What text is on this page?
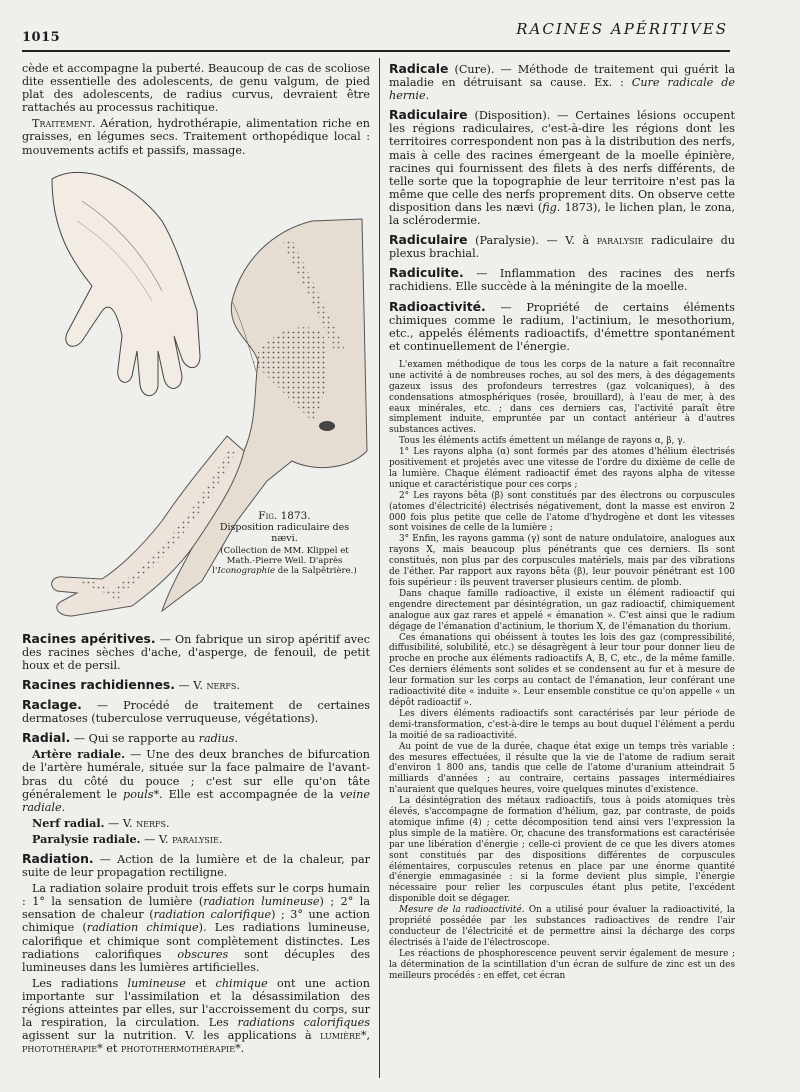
1015	RACINES APÉRITIVES

cède et accompagne la puberté. Beaucoup de cas de scoliose dite essentielle des adolescents, de genu valgum, de pied plat des adolescents, de radius curvus, devraient être rattachés au processus rachitique.

Traitement. Aération, hydrothérapie, alimentation riche en graisses, en légumes secs. Traitement orthopédique local : mouvements actifs et passifs, massage.

Fig. 1873.
Disposition radiculaire des nævi.
(Collection de MM. Klippel et Math.-Pierre Weil. D'après l'Iconographie de la Salpêtrière.)

Racines apéritives. — On fabrique un sirop apéritif avec des racines sèches d'ache, d'asperge, de fenouil, de petit houx et de persil.

Racines rachidiennes. — V. nerfs.

Raclage. — Procédé de traitement de certaines dermatoses (tuberculose verruqueuse, végétations).

Radial. — Qui se rapporte au radius.

Artère radiale. — Une des deux branches de bifurcation de l'artère humérale, située sur la face palmaire de l'avant-bras du côté du pouce ; c'est sur elle qu'on tâte généralement le pouls*. Elle est accompagnée de la veine radiale.

Nerf radial. — V. nerfs.

Paralysie radiale. — V. paralysie.

Radiation. — Action de la lumière et de la chaleur, par suite de leur propagation rectiligne.

La radiation solaire produit trois effets sur le corps humain : 1° la sensation de lumière (radiation lumineuse) ; 2° la sensation de chaleur (radiation calorifique) ; 3° une action chimique (radiation chimique). Les radiations lumineuse, calorifique et chimique sont complètement distinctes. Les radiations calorifiques obscures sont décuples des lumineuses dans les lumières artificielles.

Les radiations lumineuse et chimique ont une action importante sur l'assimilation et la désassimilation des régions atteintes par elles, sur l'accroissement du corps, sur la respiration, la circulation. Les radiations calorifiques agissent sur la nutrition. V. les applications à lumière*, photothérapie* et photothermothérapie*.

Radicale (Cure). — Méthode de traitement qui guérit la maladie en détruisant sa cause. Ex. : Cure radicale de hernie.

Radiculaire (Disposition). — Certaines lésions occupent les régions radiculaires, c'est-à-dire les régions dont les territoires correspondent non pas à la distribution des nerfs, mais à celle des racines émergeant de la moelle épinière, racines qui fournissent des filets à des nerfs différents, de telle sorte que la topographie de leur territoire n'est pas la même que celle des nerfs proprement dits. On observe cette disposition dans les nævi (fig. 1873), le lichen plan, le zona, la sclérodermie.

Radiculaire (Paralysie). — V. à paralysie radiculaire du plexus brachial.

Radiculite. — Inflammation des racines des nerfs rachidiens. Elle succède à la méningite de la moelle.

Radioactivité. — Propriété de certains éléments chimiques comme le radium, l'actinium, le mesothorium, etc., appelés éléments radioactifs, d'émettre spontanément et continuellement de l'énergie.

L'examen méthodique de tous les corps de la nature a fait reconnaître une activité à de nombreuses roches, au sol des mers, à des dégagements gazeux issus des profondeurs terrestres (gaz volcaniques), à des condensations atmosphériques (rosée, brouillard), à l'eau de mer, à des eaux minérales, etc. ; dans ces derniers cas, l'activité paraît être simplement induite, empruntée par un contact antérieur à d'autres substances actives.

Tous les éléments actifs émettent un mélange de rayons α, β, γ.

1° Les rayons alpha (α) sont formés par des atomes d'hélium électrisés positivement et projetés avec une vitesse de l'ordre du dixième de celle de la lumière. Chaque élément radioactif émet des rayons alpha de vitesse unique et caractéristique pour ces corps ;

2° Les rayons bêta (β) sont constitués par des électrons ou corpuscules (atomes d'électricité) électrisés négativement, dont la masse est environ 2 000 fois plus petite que celle de l'atome d'hydrogène et dont les vitesses sont voisines de celle de la lumière ;

3° Enfin, les rayons gamma (γ) sont de nature ondulatoire, analogues aux rayons X, mais beaucoup plus pénétrants que ces derniers. Ils sont constitués, non plus par des corpuscules matériels, mais par des vibrations de l'éther. Par rapport aux rayons bêta (β), leur pouvoir pénétrant est 100 fois supérieur : ils peuvent traverser plusieurs centim. de plomb.

Dans chaque famille radioactive, il existe un élément radioactif qui engendre directement par désintégration, un gaz radioactif, chimiquement analogue aux gaz rares et appelé « émanation ». C'est ainsi que le radium dégage de l'émanation d'actinium, le thorium X, de l'émanation du thorium.

Ces émanations qui obéissent à toutes les lois des gaz (compressibilité, diffusibilité, solubilité, etc.) se désagrègent à leur tour pour donner lieu de proche en proche aux éléments radioactifs A, B, C, etc., de la même famille. Ces derniers éléments sont solides et se condensent au fur et à mesure de leur formation sur les corps au contact de l'émanation, leur conférant une radioactivité dite « induite ». Leur ensemble constitue ce qu'on appelle « un dépôt radioactif ».

Les divers éléments radioactifs sont caractérisés par leur période de demi-transformation, c'est-à-dire le temps au bout duquel l'élément a perdu la moitié de sa radioactivité.

Au point de vue de la durée, chaque état exige un temps très variable : des mesures effectuées, il résulte que la vie de l'atome de radium serait d'environ 1 800 ans, tandis que celle de l'atome d'uranium atteindrait 5 milliards d'années ; au contraire, certains passages intermédiaires n'auraient que quelques heures, voire quelques minutes d'existence.

La désintégration des métaux radioactifs, tous à poids atomiques très élevés, s'accompagne de formation d'hélium, gaz, par contraste, de poids atomique infime (4) ; cette décomposition tend ainsi vers l'expression la plus simple de la matière. Or, chacune des transformations est caractérisée par une libération d'énergie ; celle-ci provient de ce que les divers atomes sont constitués par des dispositions différentes de corpuscules élémentaires, corpuscules retenus en place par une énorme quantité d'énergie emmagasinée : si la forme devient plus simple, l'énergie nécessaire pour relier les corpuscules étant plus petite, l'excédent disponible doit se dégager.

Mesure de la radioactivité. On a utilisé pour évaluer la radioactivité, la propriété possédée par les substances radioactives de rendre l'air conducteur de l'électricité et de permettre ainsi la décharge des corps électrisés à l'aide de l'électroscope.

Les réactions de phosphorescence peuvent servir également de mesure ; la détermination de la scintillation d'un écran de sulfure de zinc est un des meilleurs procédés : en effet, cet écran
